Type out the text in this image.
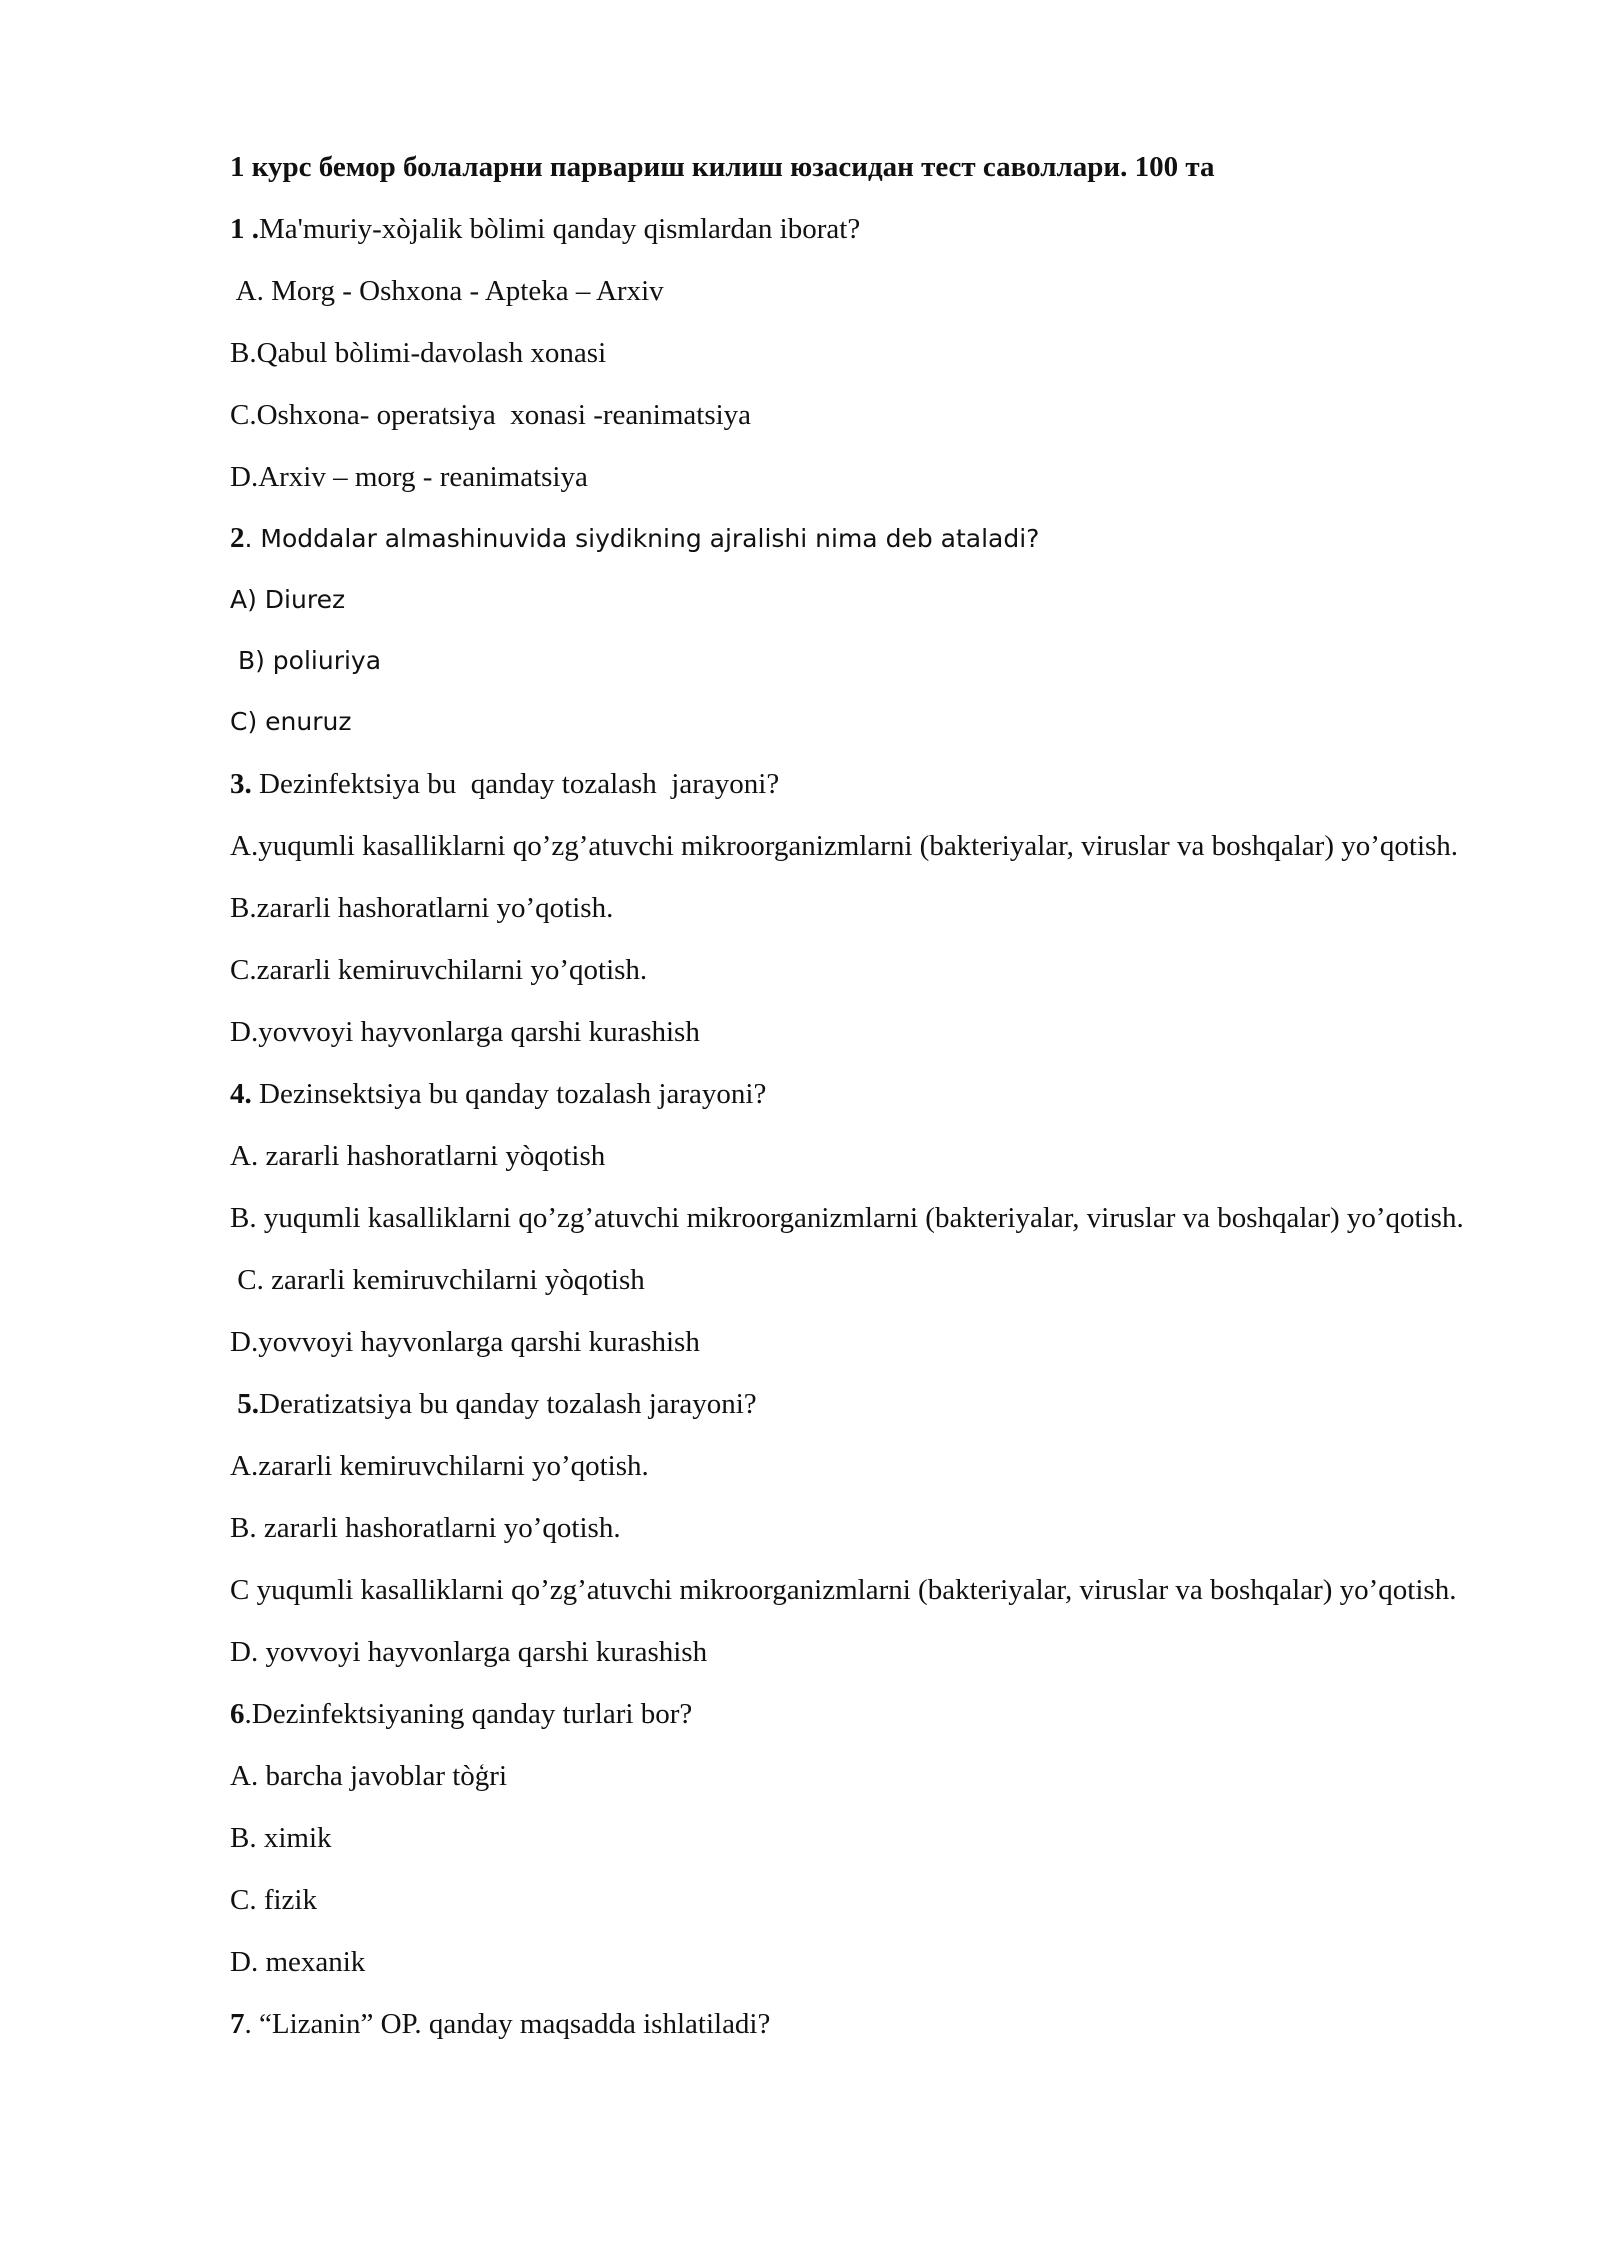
1 курс бемор болаларни парвариш килиш юзасидан тест саволлари. 100 та

1 .Ma'muriy-xòjalik bòlimi qanday qismlardan iborat?

A. Morg - Oshxona - Apteka – Arxiv

B.Qabul bòlimi-davolash xonasi

C.Oshxona- operatsiya  xonasi -reanimatsiya

D.Arxiv – morg - reanimatsiya

2. Moddalar almashinuvida siydikning ajralishi nima deb ataladi?

A) Diurez

B) poliuriya

C) enuruz

3. Dezinfektsiya bu  qanday tozalash  jarayoni?

A.yuqumli kasalliklarni qo’zg’atuvchi mikroorganizmlarni (bakteriyalar, viruslar va boshqalar) yo’qotish.

B.zararli hashoratlarni yo’qotish.

C.zararli kemiruvchilarni yo’qotish.

D.yovvoyi hayvonlarga qarshi kurashish

4. Dezinsektsiya bu qanday tozalash jarayoni?

A. zararli hashoratlarni yòqotish

B. yuqumli kasalliklarni qo’zg’atuvchi mikroorganizmlarni (bakteriyalar, viruslar va boshqalar) yo’qotish.

C. zararli kemiruvchilarni yòqotish

D.yovvoyi hayvonlarga qarshi kurashish

5.Deratizatsiya bu qanday tozalash jarayoni?

A.zararli kemiruvchilarni yo’qotish.

B. zararli hashoratlarni yo’qotish.

C yuqumli kasalliklarni qo’zg’atuvchi mikroorganizmlarni (bakteriyalar, viruslar va boshqalar) yo’qotish.

D. yovvoyi hayvonlarga qarshi kurashish

6.Dezinfektsiyaning qanday turlari bor?

A. barcha javoblar tòģri

B. ximik

C. fizik

D. mexanik

7. “Lizanin” OP. qanday maqsadda ishlatiladi?
